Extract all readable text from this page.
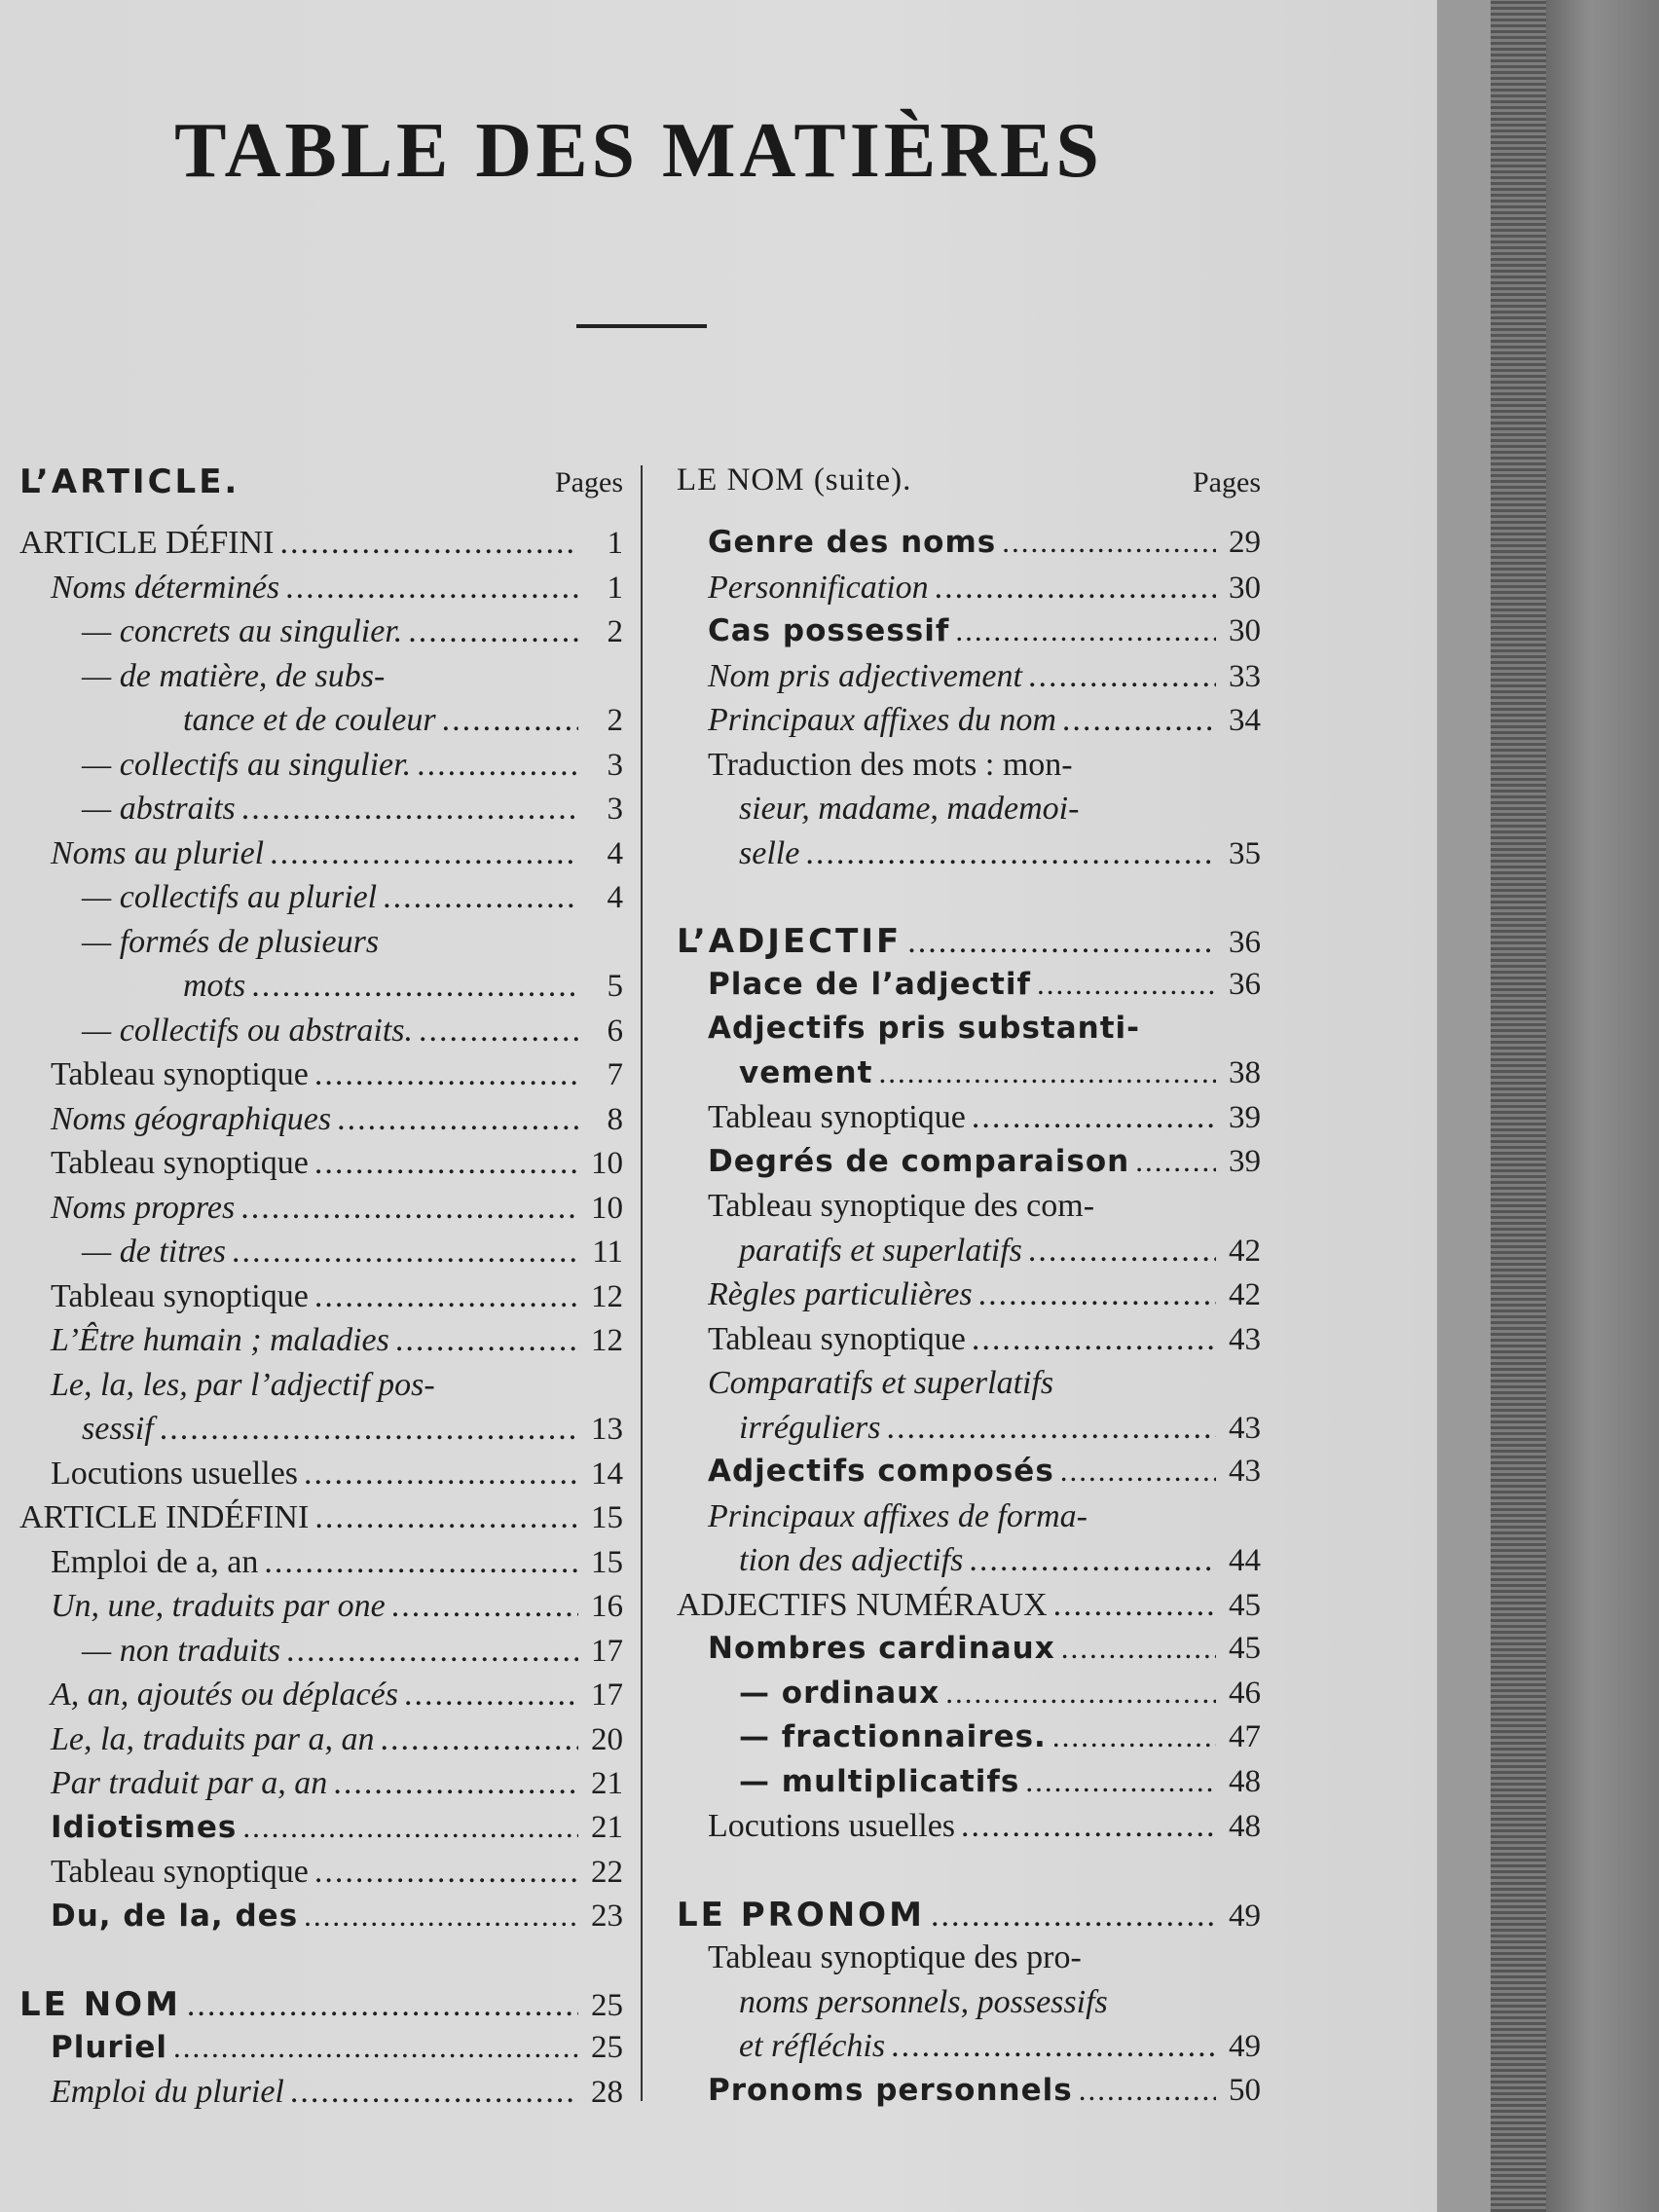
TABLE DES MATIÈRES
L’ARTICLE.	Pages
ARTICLE DÉFINI .....	1
Noms déterminés .....	1
— concrets au singulier. .....	2
— de matière, de subs-
tance et de couleur .....	2
— collectifs au singulier. .....	3
— abstraits .....	3
Noms au pluriel .....	4
— collectifs au pluriel .....	4
— formés de plusieurs
mots .....	5
— collectifs ou abstraits. .....	6
Tableau synoptique .....	7
Noms géographiques .....	8
Tableau synoptique .....	10
Noms propres .....	10
— de titres .....	11
Tableau synoptique .....	12
L’Être humain ; maladies .....	12
Le, la, les, par l’adjectif pos-
sessif .....	13
Locutions usuelles .....	14
ARTICLE INDÉFINI .....	15
Emploi de a, an .....	15
Un, une, traduits par one .....	16
— non traduits .....	17
A, an, ajoutés ou déplacés .....	17
Le, la, traduits par a, an .....	20
Par traduit par a, an .....	21
Idiotismes .....	21
Tableau synoptique .....	22
Du, de la, des .....	23
LE NOM .....	25
Pluriel .....	25
Emploi du pluriel .....	28
LE NOM (suite).	Pages
Genre des noms .....	29
Personnification .....	30
Cas possessif .....	30
Nom pris adjectivement .....	33
Principaux affixes du nom .....	34
Traduction des mots : mon-
sieur, madame, mademoi-
selle .....	35
L’ADJECTIF .....	36
Place de l’adjectif .....	36
Adjectifs pris substanti-
vement .....	38
Tableau synoptique .....	39
Degrés de comparaison .....	39
Tableau synoptique des com-
paratifs et superlatifs .....	42
Règles particulières .....	42
Tableau synoptique .....	43
Comparatifs et superlatifs
irréguliers .....	43
Adjectifs composés .....	43
Principaux affixes de forma-
tion des adjectifs .....	44
ADJECTIFS NUMÉRAUX .....	45
Nombres cardinaux .....	45
— ordinaux .....	46
— fractionnaires. .....	47
— multiplicatifs .....	48
Locutions usuelles .....	48
LE PRONOM .....	49
Tableau synoptique des pro-
noms personnels, possessifs
et réfléchis .....	49
Pronoms personnels .....	50
